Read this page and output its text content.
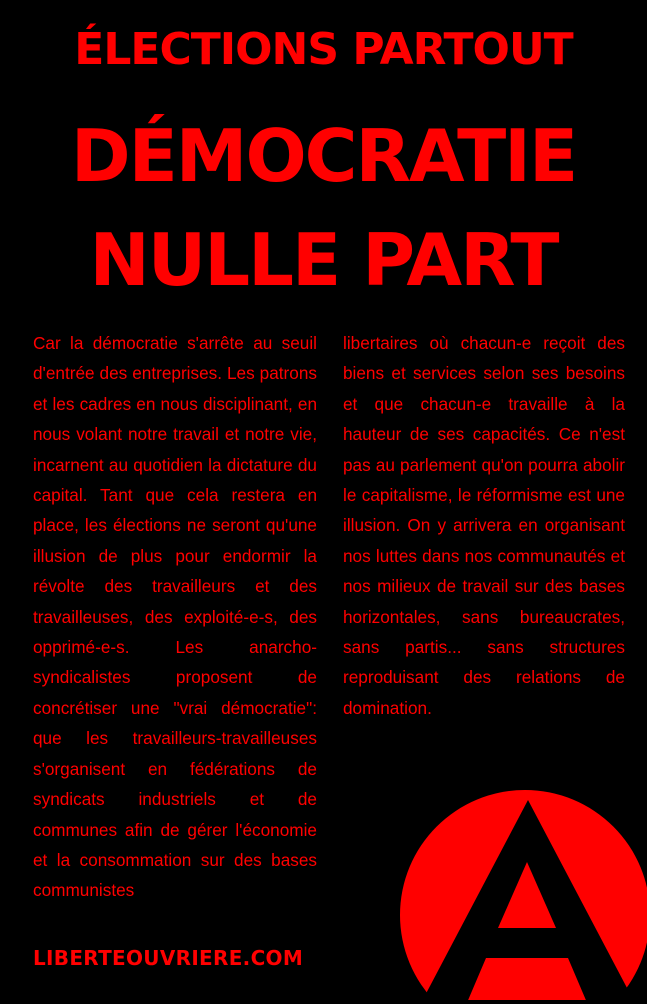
ÉLECTIONS PARTOUT
DÉMOCRATIE
NULLE PART
Car la démocratie s'arrête au seuil d'entrée des entreprises. Les patrons et les cadres en nous disciplinant, en nous volant notre travail et notre vie, incarnent au quotidien la dictature du capital. Tant que cela restera en place, les élections ne seront qu'une illusion de plus pour endormir la révolte des travailleurs et des travailleuses, des exploité-e-s, des opprimé-e-s. Les anarcho-syndicalistes proposent de concrétiser une "vrai démocratie": que les travailleurs-travailleuses s'organisent en fédérations de syndicats industriels et de communes afin de gérer l'économie et la consommation sur des bases communistes
libertaires où chacun-e reçoit des biens et services selon ses besoins et que chacun-e travaille à la hauteur de ses capacités. Ce n'est pas au parlement qu'on pourra abolir le capitalisme, le réformisme est une illusion. On y arrivera en organisant nos luttes dans nos communautés et nos milieux de travail sur des bases horizontales, sans bureaucrates, sans partis... sans structures reproduisant des relations de domination.
LIBERTEOUVRIERE.COM
